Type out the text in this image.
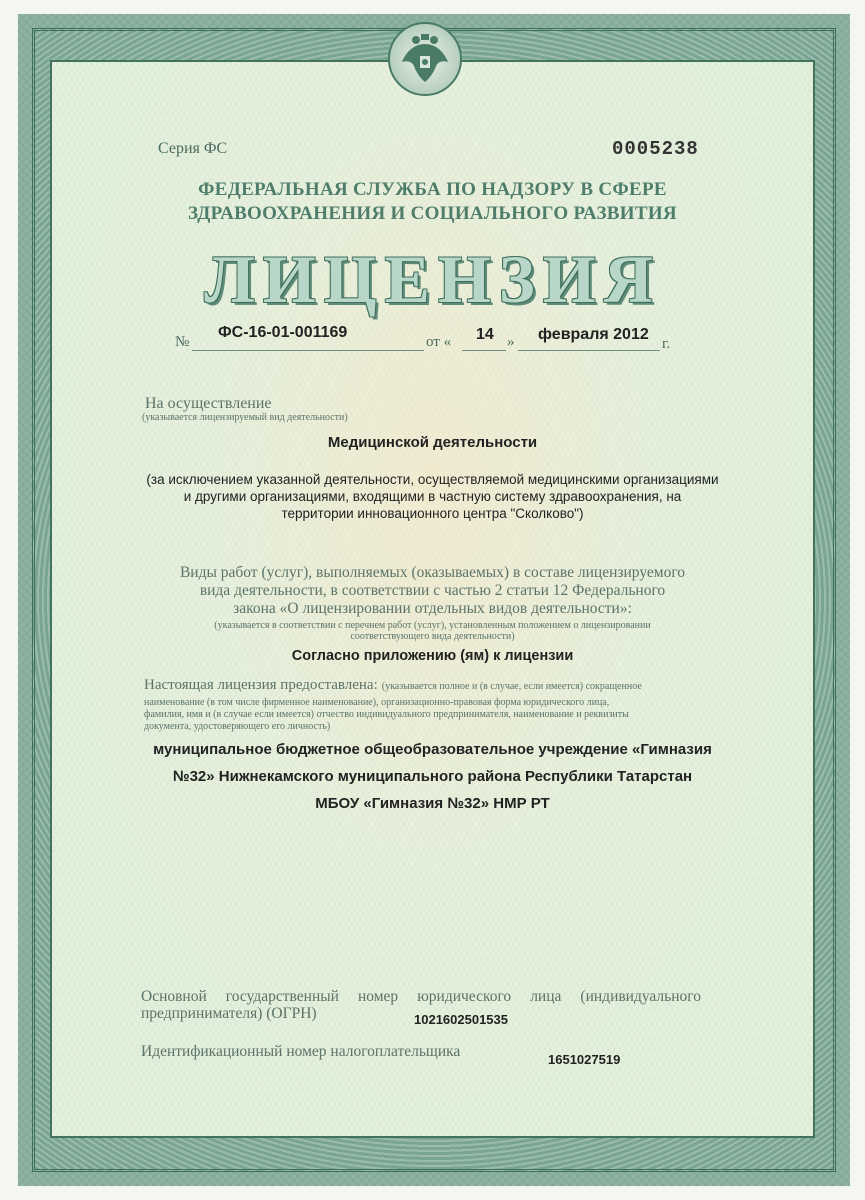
Серия ФС	0005238
ФЕДЕРАЛЬНАЯ СЛУЖБА ПО НАДЗОРУ В СФЕРЕ
ЗДРАВООХРАНЕНИЯ И СОЦИАЛЬНОГО РАЗВИТИЯ
ЛИЦЕНЗИЯ
№
ФС-16-01-001169
от « 14 » февраля 2012
г.
На осуществление
(указывается лицензируемый вид деятельности)
Медицинской деятельности
(за исключением указанной деятельности, осуществляемой медицинскими организациями
и другими организациями, входящими в частную систему здравоохранения, на
территории инновационного центра "Сколково")
Виды работ (услуг), выполняемых (оказываемых) в составе лицензируемого
вида деятельности, в соответствии с частью 2 статьи 12 Федерального
закона «О лицензировании отдельных видов деятельности»:
(указывается в соответствии с перечнем работ (услуг), установленным положением о лицензировании
соответствующего вида деятельности)
Согласно приложению (ям) к лицензии
Настоящая лицензия предоставлена: (указывается полное и (в случае, если имеется) сокращенное
наименование (в том числе фирменное наименование), организационно-правовая форма юридического лица,
фамилия, имя и (в случае если имеется) отчество индивидуального предпринимателя, наименование и реквизиты
документа, удостоверяющего его личность)
муниципальное бюджетное общеобразовательное учреждение «Гимназия
№32» Нижнекамского муниципального района Республики Татарстан
МБОУ «Гимназия №32» НМР РТ
Основной государственный номер юридического лица (индивидуального
предпринимателя) (ОГРН)	1021602501535
Идентификационный номер налогоплательщика	1651027519
